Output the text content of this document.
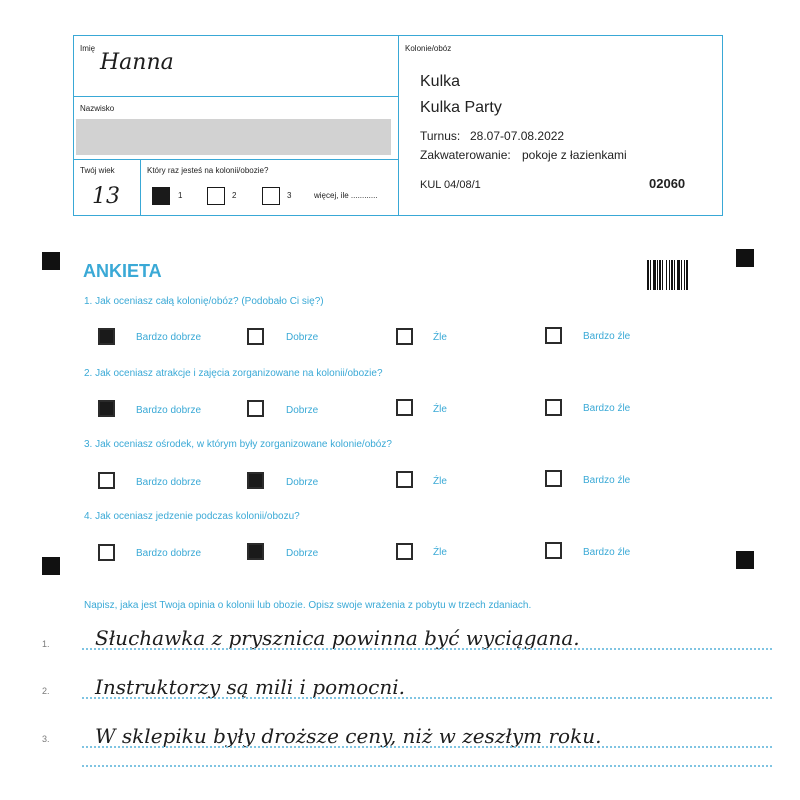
Imię
Hanna
Nazwisko
Twój wiek
13
Który raz jesteś na kolonii/obozie?
1	2	3	więcej, ile ............
Kolonie/obóz
Kulka
Kulka Party
Turnus: 28.07-07.08.2022
Zakwaterowanie: pokoje z łazienkami
KUL 04/08/1	02060
ANKIETA
1. Jak oceniasz całą kolonię/obóz? (Podobało Ci się?)
Bardzo dobrze	Dobrze	Źle	Bardzo źle
2. Jak oceniasz atrakcje i zajęcia zorganizowane na kolonii/obozie?
Bardzo dobrze	Dobrze	Źle	Bardzo źle
3. Jak oceniasz ośrodek, w którym były zorganizowane kolonie/obóz?
Bardzo dobrze	Dobrze	Źle	Bardzo źle
4. Jak oceniasz jedzenie podczas kolonii/obozu?
Bardzo dobrze	Dobrze	Źle	Bardzo źle
Napisz, jaka jest Twoja opinia o kolonii lub obozie. Opisz swoje wrażenia z pobytu w trzech zdaniach.
1. Słuchawka z prysznica powinna być wyciągana.
2. Instruktorzy są mili i pomocni.
3. W sklepiku były droższe ceny, niż w zeszłym roku.
